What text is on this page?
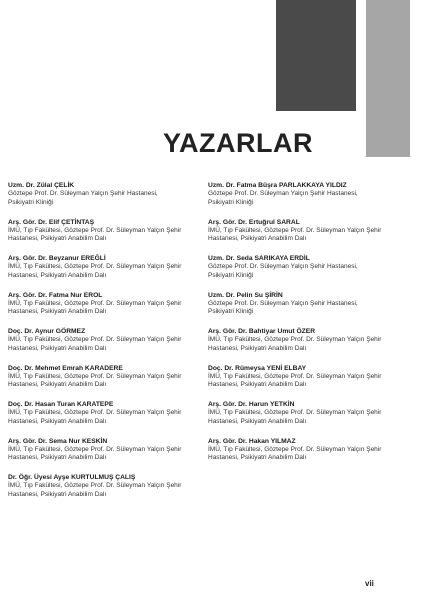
YAZARLAR
Uzm. Dr. Zülal ÇELİK
Göztepe Prof. Dr. Süleyman Yalçın Şehir Hastanesi, Psikiyatri Kliniği
Arş. Gör. Dr. Elif ÇETİNTAŞ
İMÜ, Tıp Fakültesi, Göztepe Prof. Dr. Süleyman Yalçın Şehir Hastanesi, Psikiyatri Anabilim Dalı
Arş. Gör. Dr. Beyzanur EREĞLİ
İMÜ, Tıp Fakültesi, Göztepe Prof. Dr. Süleyman Yalçın Şehir Hastanesi, Psikiyatri Anabilim Dalı
Arş. Gör. Dr. Fatma Nur EROL
İMÜ, Tıp Fakültesi, Göztepe Prof. Dr. Süleyman Yalçın Şehir Hastanesi, Psikiyatri Anabilim Dalı
Doç. Dr. Aynur GÖRMEZ
İMÜ, Tıp Fakültesi, Göztepe Prof. Dr. Süleyman Yalçın Şehir Hastanesi, Psikiyatri Anabilim Dalı
Doç. Dr. Mehmet Emrah KARADERE
İMÜ, Tıp Fakültesi, Göztepe Prof. Dr. Süleyman Yalçın Şehir Hastanesi, Psikiyatri Anabilim Dalı
Doç. Dr. Hasan Turan KARATEPE
İMÜ, Tıp Fakültesi, Göztepe Prof. Dr. Süleyman Yalçın Şehir Hastanesi, Psikiyatri Anabilim Dalı
Arş. Gör. Dr. Sema Nur KESKİN
İMÜ, Tıp Fakültesi, Göztepe Prof. Dr. Süleyman Yalçın Şehir Hastanesi, Psikiyatri Anabilim Dalı
Dr. Öğr. Üyesi Ayşe KURTULMUŞ ÇALIŞ
İMÜ, Tıp Fakültesi, Göztepe Prof. Dr. Süleyman Yalçın Şehir Hastanesi, Psikiyatri Anabilim Dalı
Uzm. Dr. Fatma Büşra PARLAKKAYA YILDIZ
Göztepe Prof. Dr. Süleyman Yalçın Şehir Hastanesi, Psikiyatri Kliniği
Arş. Gör. Dr. Ertuğrul SARAL
İMÜ, Tıp Fakültesi, Göztepe Prof. Dr. Süleyman Yalçın Şehir Hastanesi, Psikiyatri Anabilim Dalı
Uzm. Dr. Seda SARIKAYA ERDİL
Göztepe Prof. Dr. Süleyman Yalçın Şehir Hastanesi, Psikiyatri Kliniği
Uzm. Dr. Pelin Su ŞİRİN
Göztepe Prof. Dr. Süleyman Yalçın Şehir Hastanesi, Psikiyatri Kliniği
Arş. Gör. Dr. Bahtiyar Umut ÖZER
İMÜ, Tıp Fakültesi, Göztepe Prof. Dr. Süleyman Yalçın Şehir Hastanesi, Psikiyatri Anabilim Dalı
Doç. Dr. Rümeysa YENİ ELBAY
İMÜ, Tıp Fakültesi, Göztepe Prof. Dr. Süleyman Yalçın Şehir Hastanesi, Psikiyatri Anabilim Dalı
Arş. Gör. Dr. Harun YETKİN
İMÜ, Tıp Fakültesi, Göztepe Prof. Dr. Süleyman Yalçın Şehir Hastanesi, Psikiyatri Anabilim Dalı
Arş. Gör. Dr. Hakan YILMAZ
İMÜ, Tıp Fakültesi, Göztepe Prof. Dr. Süleyman Yalçın Şehir Hastanesi, Psikiyatri Anabilim Dalı
vii
